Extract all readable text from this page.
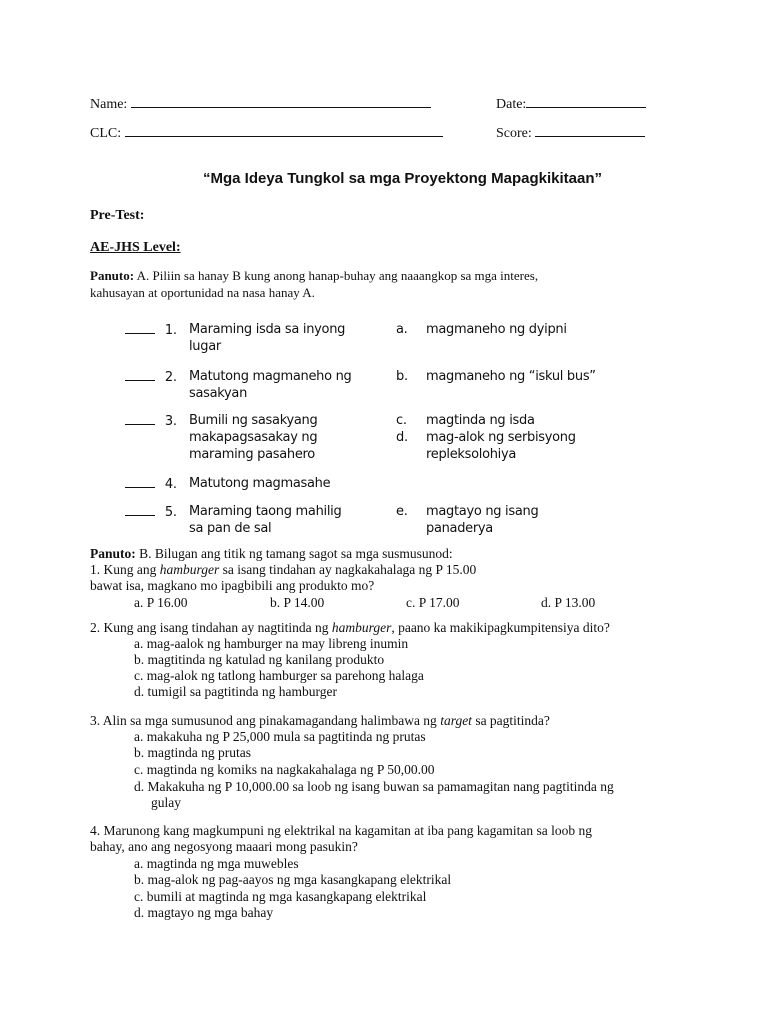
Name:	Date:
CLC:	Score:
“Mga Ideya Tungkol sa mga Proyektong Mapagkikitaan”
Pre-Test:
AE-JHS Level:
Panuto: A. Piliin sa hanay B kung anong hanap-buhay ang naaangkop sa mga interes,
kahusayan at oportunidad na nasa hanay A.
1. Maraming isda sa inyong
lugar
a. magmaneho ng dyipni
2. Matutong magmaneho ng
sasakyan
b. magmaneho ng “iskul bus”
3. Bumili ng sasakyang
makapagsasakay ng
maraming pasahero
c. magtinda ng isda
d. mag-alok ng serbisyong
repleksolohiya
4. Matutong magmasahe
5. Maraming taong mahilig
sa pan de sal
e. magtayo ng isang
panaderya
Panuto: B. Bilugan ang titik ng tamang sagot sa mga susmusunod:
1. Kung ang hamburger sa isang tindahan ay nagkakahalaga ng P 15.00
bawat isa, magkano mo ipagbibili ang produkto mo?
a. P 16.00	b. P 14.00	c. P 17.00	d. P 13.00
2. Kung ang isang tindahan ay nagtitinda ng hamburger, paano ka makikipagkumpitensiya dito?
a. mag-aalok ng hamburger na may libreng inumin
b. magtitinda ng katulad ng kanilang produkto
c. mag-alok ng tatlong hamburger sa parehong halaga
d. tumigil sa pagtitinda ng hamburger
3. Alin sa mga sumusunod ang pinakamagandang halimbawa ng target sa pagtitinda?
a. makakuha ng P 25,000 mula sa pagtitinda ng prutas
b. magtinda ng prutas
c. magtinda ng komiks na nagkakahalaga ng P 50,00.00
d. Makakuha ng P 10,000.00 sa loob ng isang buwan sa pamamagitan nang pagtitinda ng
gulay
4. Marunong kang magkumpuni ng elektrikal na kagamitan at iba pang kagamitan sa loob ng
bahay, ano ang negosyong maaari mong pasukin?
a. magtinda ng mga muwebles
b. mag-alok ng pag-aayos ng mga kasangkapang elektrikal
c. bumili at magtinda ng mga kasangkapang elektrikal
d. magtayo ng mga bahay
